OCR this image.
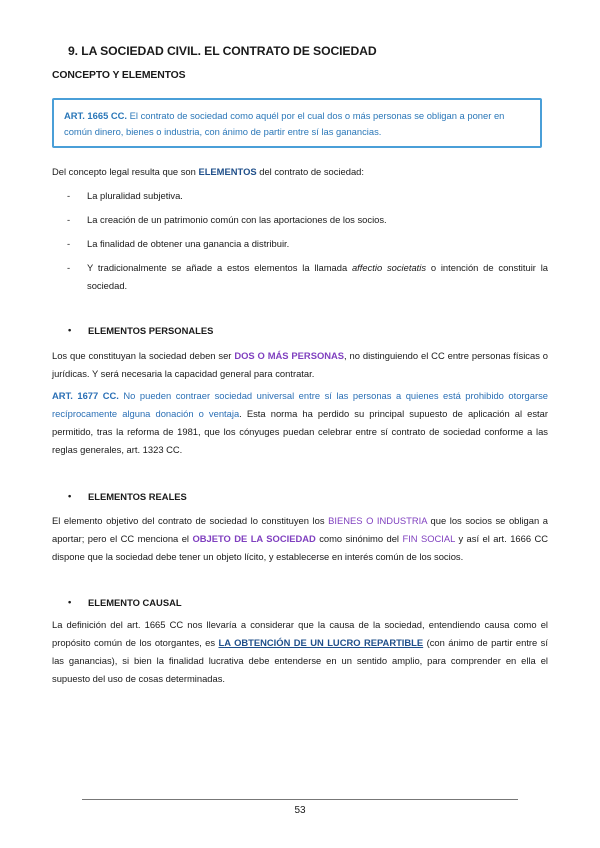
9. LA SOCIEDAD CIVIL. EL CONTRATO DE SOCIEDAD
CONCEPTO Y ELEMENTOS
ART. 1665 CC. El contrato de sociedad como aquél por el cual dos o más personas se obligan a poner en común dinero, bienes o industria, con ánimo de partir entre sí las ganancias.
Del concepto legal resulta que son ELEMENTOS del contrato de sociedad:
- La pluralidad subjetiva.
- La creación de un patrimonio común con las aportaciones de los socios.
- La finalidad de obtener una ganancia a distribuir.
- Y tradicionalmente se añade a estos elementos la llamada affectio societatis o intención de constituir la sociedad.
• ELEMENTOS PERSONALES
Los que constituyan la sociedad deben ser DOS O MÁS PERSONAS, no distinguiendo el CC entre personas físicas o jurídicas. Y será necesaria la capacidad general para contratar.
ART. 1677 CC. No pueden contraer sociedad universal entre sí las personas a quienes está prohibido otorgarse recíprocamente alguna donación o ventaja. Esta norma ha perdido su principal supuesto de aplicación al estar permitido, tras la reforma de 1981, que los cónyuges puedan celebrar entre sí contrato de sociedad conforme a las reglas generales, art. 1323 CC.
• ELEMENTOS REALES
El elemento objetivo del contrato de sociedad lo constituyen los BIENES O INDUSTRIA que los socios se obligan a aportar; pero el CC menciona el OBJETO DE LA SOCIEDAD como sinónimo del FIN SOCIAL y así el art. 1666 CC dispone que la sociedad debe tener un objeto lícito, y establecerse en interés común de los socios.
• ELEMENTO CAUSAL
La definición del art. 1665 CC nos llevaría a considerar que la causa de la sociedad, entendiendo causa como el propósito común de los otorgantes, es LA OBTENCIÓN DE UN LUCRO REPARTIBLE (con ánimo de partir entre sí las ganancias), si bien la finalidad lucrativa debe entenderse en un sentido amplio, para comprender en ella el supuesto del uso de cosas determinadas.
53
